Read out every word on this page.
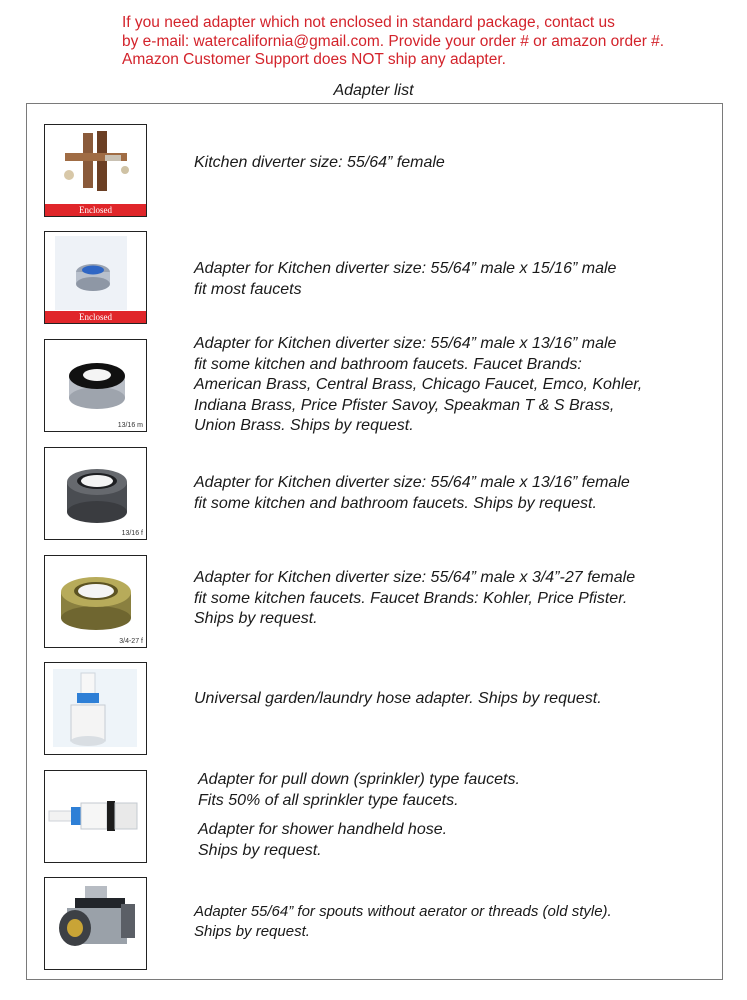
If you need adapter which not enclosed in standard package, contact us
by e-mail: watercalifornia@gmail.com. Provide your order # or amazon order #.
Amazon Customer Support does NOT ship any adapter.
Adapter list
Enclosed
Kitchen diverter size: 55/64” female
Enclosed
Adapter for Kitchen diverter size: 55/64” male x 15/16” male
fit most faucets
13/16 m
Adapter for Kitchen diverter size: 55/64” male x 13/16” male
fit some kitchen and bathroom faucets. Faucet Brands:
American Brass, Central Brass, Chicago Faucet, Emco, Kohler,
Indiana Brass, Price Pfister Savoy, Speakman T & S Brass,
Union Brass. Ships by request.
13/16 f
Adapter for Kitchen diverter size: 55/64” male x 13/16” female
fit some kitchen and bathroom faucets. Ships by request.
3/4-27 f
Adapter for Kitchen diverter size: 55/64” male x 3/4”-27 female
fit some kitchen faucets. Faucet Brands: Kohler, Price Pfister.
Ships by request.
Universal garden/laundry hose adapter. Ships by request.
Adapter for pull down (sprinkler) type faucets.
Fits 50% of all sprinkler type faucets.
Adapter for shower handheld hose.
Ships by request.
Adapter 55/64” for spouts without aerator or threads (old style).
Ships by request.
